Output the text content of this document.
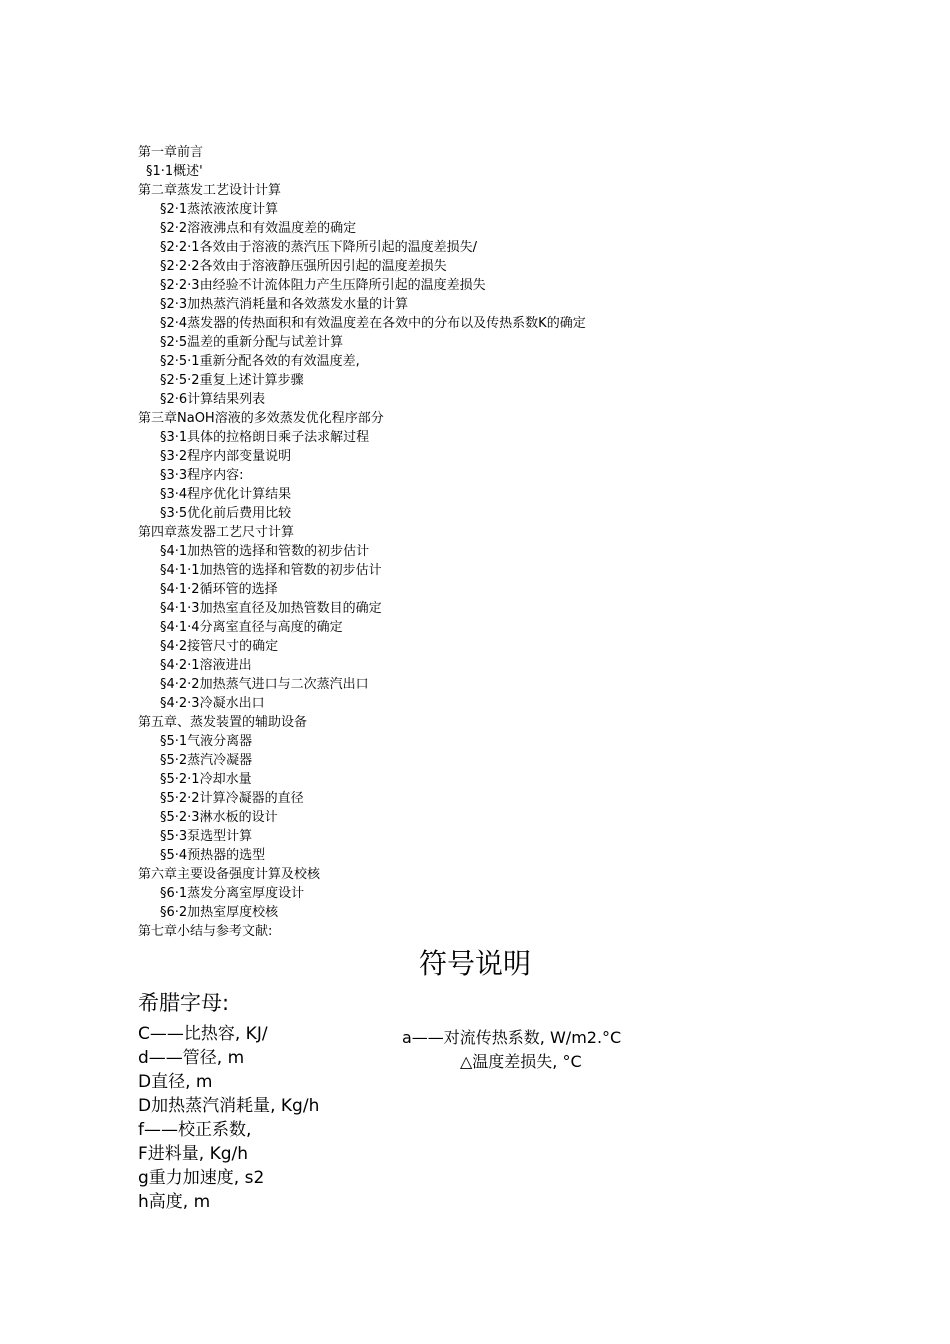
第一章前言
§1·1概述'
第二章蒸发工艺设计计算
§2·1蒸浓液浓度计算
§2·2溶液沸点和有效温度差的确定
§2·2·1各效由于溶液的蒸汽压下降所引起的温度差损失/
§2·2·2各效由于溶液静压强所因引起的温度差损失
§2·2·3由经验不计流体阻力产生压降所引起的温度差损失
§2·3加热蒸汽消耗量和各效蒸发水量的计算
§2·4蒸发器的传热面积和有效温度差在各效中的分布以及传热系数K的确定
§2·5温差的重新分配与试差计算
§2·5·1重新分配各效的有效温度差,
§2·5·2重复上述计算步骤
§2·6计算结果列表
第三章NaOH溶液的多效蒸发优化程序部分
§3·1具体的拉格朗日乘子法求解过程
§3·2程序内部变量说明
§3·3程序内容:
§3·4程序优化计算结果
§3·5优化前后费用比较
第四章蒸发器工艺尺寸计算
§4·1加热管的选择和管数的初步估计
§4·1·1加热管的选择和管数的初步估计
§4·1·2循环管的选择
§4·1·3加热室直径及加热管数目的确定
§4·1·4分离室直径与高度的确定
§4·2接管尺寸的确定
§4·2·1溶液进出
§4·2·2加热蒸气进口与二次蒸汽出口
§4·2·3冷凝水出口
第五章、蒸发装置的辅助设备
§5·1气液分离器
§5·2蒸汽冷凝器
§5·2·1冷却水量
§5·2·2计算冷凝器的直径
§5·2·3淋水板的设计
§5·3泵选型计算
§5·4预热器的选型
第六章主要设备强度计算及校核
§6·1蒸发分离室厚度设计
§6·2加热室厚度校核
第七章小结与参考文献:
符号说明
希腊字母:
C——比热容, KJ/
d——管径, m
D直径, m
D加热蒸汽消耗量, Kg/h
f——校正系数,
F进料量, Kg/h
g重力加速度, s2
h高度, m
a——对流传热系数, W/m2.°C
△温度差损失, °C
